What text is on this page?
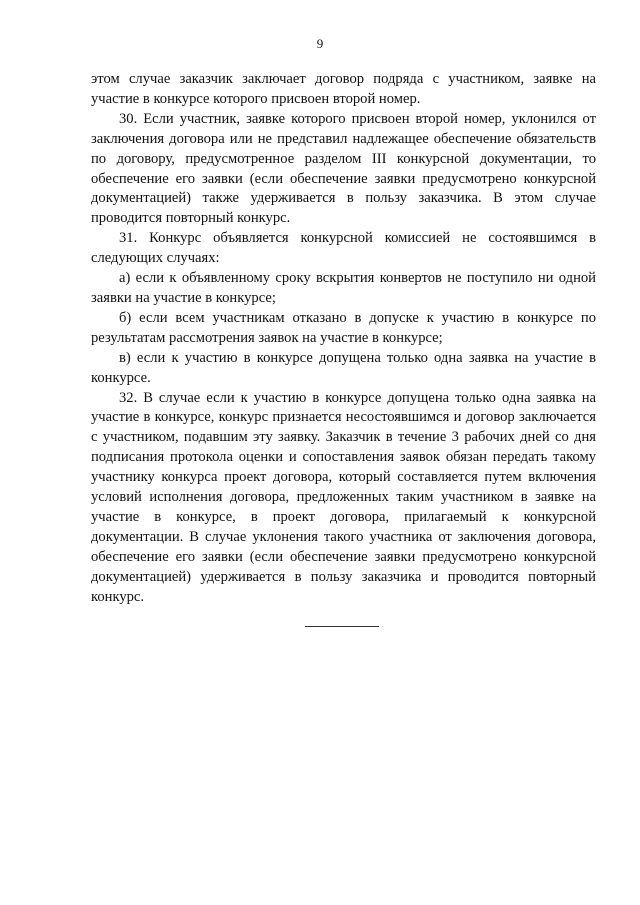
9

этом случае заказчик заключает договор подряда с участником, заявке на участие в конкурсе которого присвоен второй номер.

30. Если участник, заявке которого присвоен второй номер, уклонился от заключения договора или не представил надлежащее обеспечение обязательств по договору, предусмотренное разделом III конкурсной документации, то обеспечение его заявки (если обеспечение заявки предусмотрено конкурсной документацией) также удерживается в пользу заказчика. В этом случае проводится повторный конкурс.

31. Конкурс объявляется конкурсной комиссией не состоявшимся в следующих случаях:

а) если к объявленному сроку вскрытия конвертов не поступило ни одной заявки на участие в конкурсе;

б) если всем участникам отказано в допуске к участию в конкурсе по результатам рассмотрения заявок на участие в конкурсе;

в) если к участию в конкурсе допущена только одна заявка на участие в конкурсе.

32. В случае если к участию в конкурсе допущена только одна заявка на участие в конкурсе, конкурс признается несостоявшимся и договор заключается с участником, подавшим эту заявку. Заказчик в течение 3 рабочих дней со дня подписания протокола оценки и сопоставления заявок обязан передать такому участнику конкурса проект договора, который составляется путем включения условий исполнения договора, предложенных таким участником в заявке на участие в конкурсе, в проект договора, прилагаемый к конкурсной документации. В случае уклонения такого участника от заключения договора, обеспечение его заявки (если обеспечение заявки предусмотрено конкурсной документацией) удерживается в пользу заказчика и проводится повторный конкурс.
